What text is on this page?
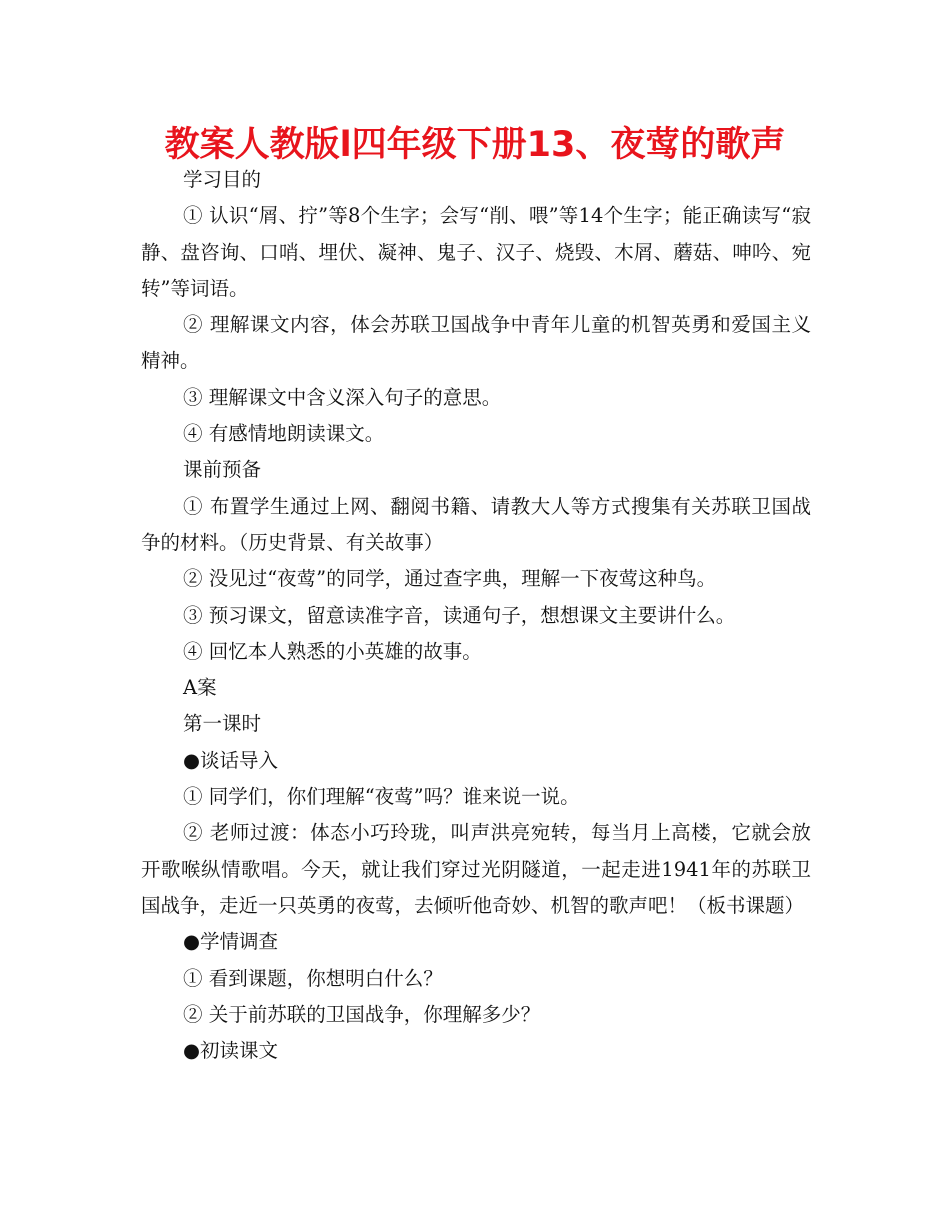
教案人教版l四年级下册13、夜莺的歌声

学习目的

① 认识“屑、拧”等8个生字；会写“削、喂”等14个生字；能正确读写“寂静、盘咨询、口哨、埋伏、凝神、鬼子、汉子、烧毁、木屑、蘑菇、呻吟、宛转”等词语。

② 理解课文内容，体会苏联卫国战争中青年儿童的机智英勇和爱国主义精神。

③ 理解课文中含义深入句子的意思。

④ 有感情地朗读课文。

课前预备

① 布置学生通过上网、翻阅书籍、请教大人等方式搜集有关苏联卫国战争的材料。（历史背景、有关故事）

② 没见过“夜莺”的同学，通过查字典，理解一下夜莺这种鸟。

③ 预习课文，留意读准字音，读通句子，想想课文主要讲什么。

④ 回忆本人熟悉的小英雄的故事。

A案

第一课时

●谈话导入

① 同学们，你们理解“夜莺”吗？谁来说一说。

② 老师过渡：体态小巧玲珑，叫声洪亮宛转，每当月上高楼，它就会放开歌喉纵情歌唱。今天，就让我们穿过光阴隧道，一起走进1941年的苏联卫国战争，走近一只英勇的夜莺，去倾听他奇妙、机智的歌声吧！（板书课题）

●学情调查

① 看到课题，你想明白什么？

② 关于前苏联的卫国战争，你理解多少？

●初读课文
